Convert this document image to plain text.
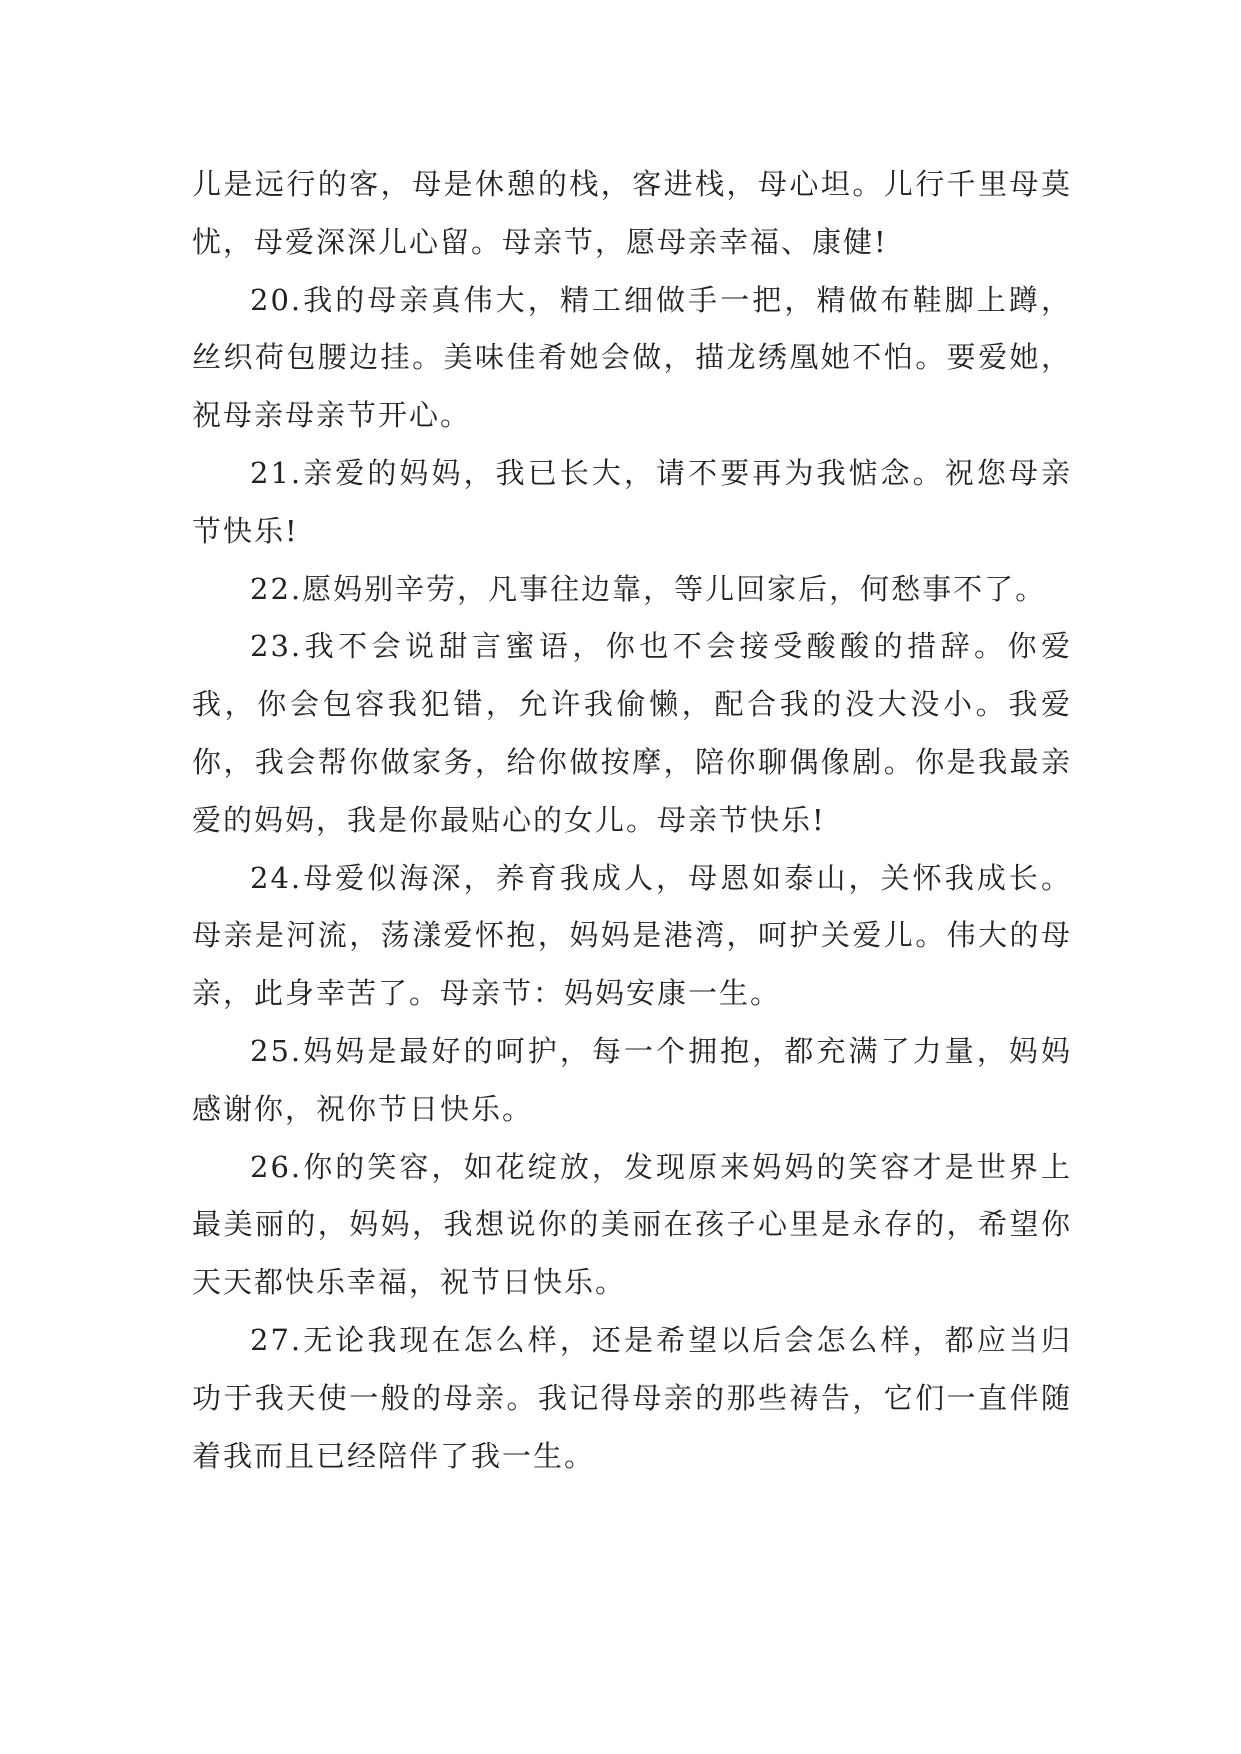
儿是远行的客，母是休憩的栈，客进栈，母心坦。儿行千里母莫忧，母爱深深儿心留。母亲节，愿母亲幸福、康健!

20.我的母亲真伟大，精工细做手一把，精做布鞋脚上蹲，丝织荷包腰边挂。美味佳肴她会做，描龙绣凰她不怕。要爱她，祝母亲母亲节开心。

21.亲爱的妈妈，我已长大，请不要再为我惦念。祝您母亲节快乐!

22.愿妈别辛劳，凡事往边靠，等儿回家后，何愁事不了。

23.我不会说甜言蜜语，你也不会接受酸酸的措辞。你爱我，你会包容我犯错，允许我偷懒，配合我的没大没小。我爱你，我会帮你做家务，给你做按摩，陪你聊偶像剧。你是我最亲爱的妈妈，我是你最贴心的女儿。母亲节快乐!

24.母爱似海深，养育我成人，母恩如泰山，关怀我成长。母亲是河流，荡漾爱怀抱，妈妈是港湾，呵护关爱儿。伟大的母亲，此身幸苦了。母亲节：妈妈安康一生。

25.妈妈是最好的呵护，每一个拥抱，都充满了力量，妈妈感谢你，祝你节日快乐。

26.你的笑容，如花绽放，发现原来妈妈的笑容才是世界上最美丽的，妈妈，我想说你的美丽在孩子心里是永存的，希望你天天都快乐幸福，祝节日快乐。

27.无论我现在怎么样，还是希望以后会怎么样，都应当归功于我天使一般的母亲。我记得母亲的那些祷告，它们一直伴随着我而且已经陪伴了我一生。
